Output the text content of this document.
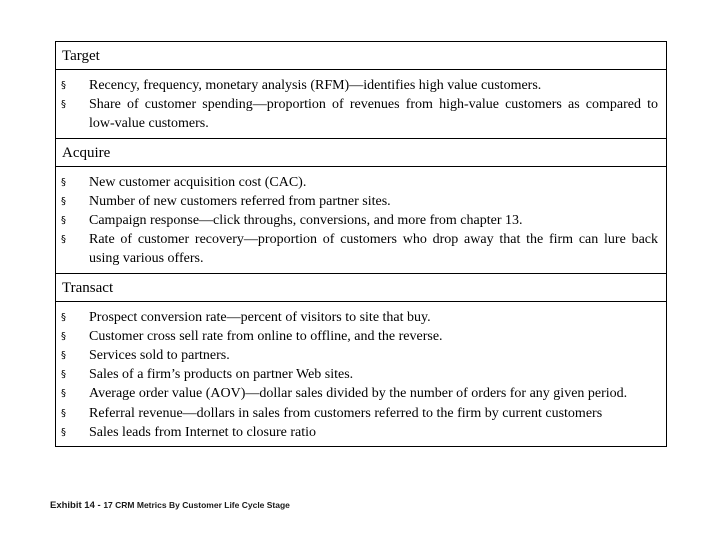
Target
§	Recency, frequency, monetary analysis (RFM)—identifies high value customers.
§	Share of customer spending—proportion of revenues from high-value customers as compared to low-value customers.
Acquire
§	New customer acquisition cost (CAC).
§	Number of new customers referred from partner sites.
§	Campaign response—click throughs, conversions, and more from chapter 13.
§	Rate of customer recovery—proportion of customers who drop away that the firm can lure back using various offers.
Transact
§	Prospect conversion rate—percent of visitors to site that buy.
§	Customer cross sell rate from online to offline, and the reverse.
§	Services sold to partners.
§	Sales of a firm’s products on partner Web sites.
§	Average order value (AOV)—dollar sales divided by the number of orders for any given period.
§	Referral revenue—dollars in sales from customers referred to the firm by current customers
§	Sales leads from Internet to closure ratio
Exhibit 14 - 17 CRM Metrics By Customer Life Cycle Stage
